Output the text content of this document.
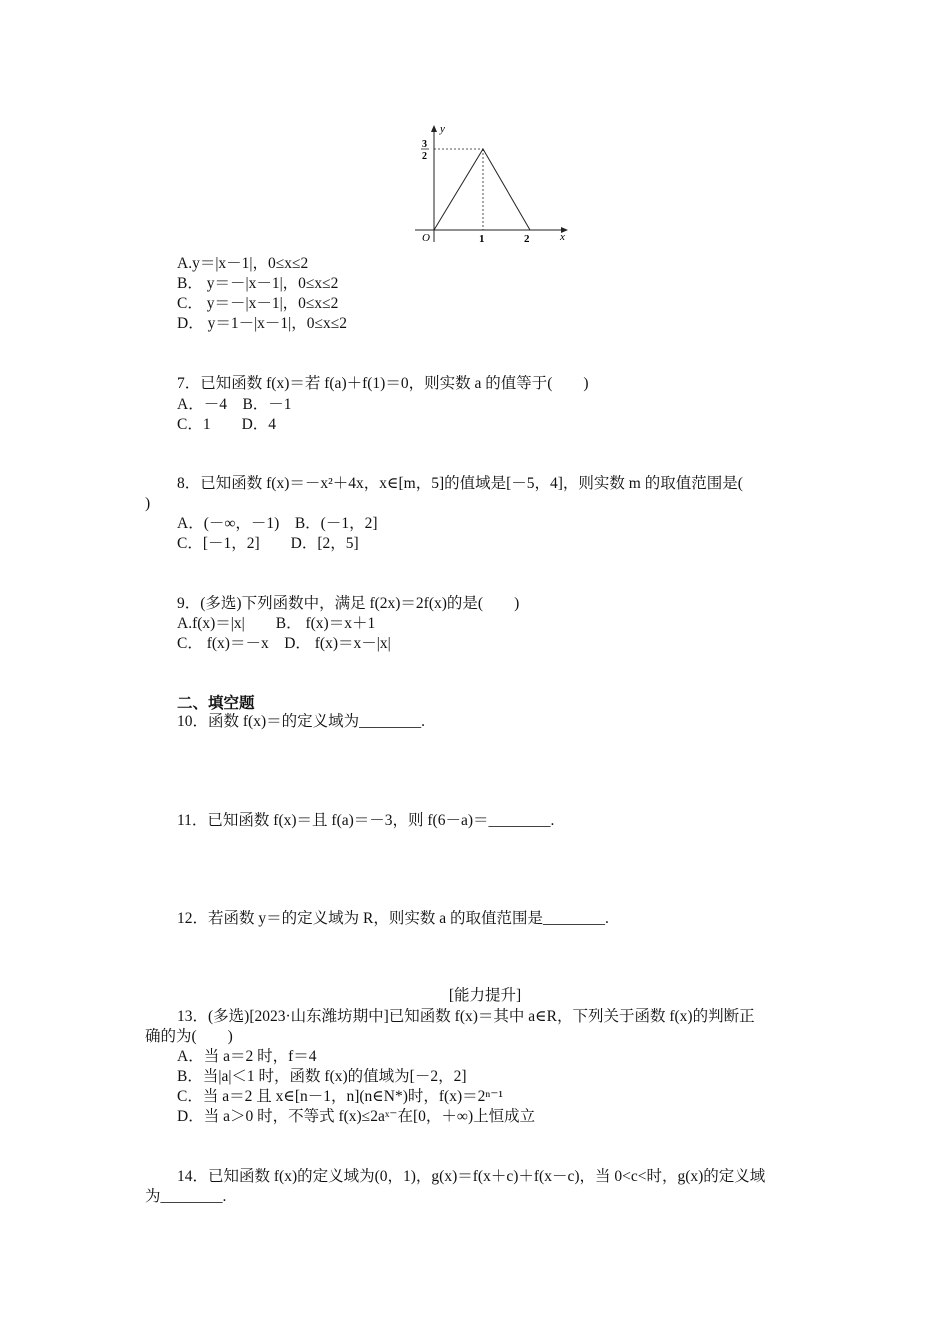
y
x
O
3
2
1	2
A.y＝|x－1|，0≤x≤2
B． y＝－|x－1|，0≤x≤2
C． y＝－|x－1|，0≤x≤2
D． y＝1－|x－1|，0≤x≤2
7．已知函数 f(x)＝若 f(a)＋f(1)＝0，则实数 a 的值等于(　　)
A．－4　B．－1
C．1　　D．4
8．已知函数 f(x)＝－x²＋4x，x∈[m，5]的值域是[－5，4]，则实数 m 的取值范围是(
)
A．(－∞，－1)　B．(－1，2]
C．[－1，2]　　D．[2，5]
9．(多选)下列函数中，满足 f(2x)＝2f(x)的是(　　)
A.f(x)＝|x|　　B． f(x)＝x＋1
C． f(x)＝－x　D． f(x)＝x－|x|
二、填空题
10．函数 f(x)＝的定义域为________.
11．已知函数 f(x)＝且 f(a)＝－3，则 f(6－a)＝________.
12．若函数 y＝的定义域为 R，则实数 a 的取值范围是________.
[能力提升]
13．(多选)[2023·山东潍坊期中]已知函数 f(x)＝其中 a∈R，下列关于函数 f(x)的判断正
确的为(　　)
A．当 a＝2 时，f＝4
B．当|a|＜1 时，函数 f(x)的值域为[－2，2]
C．当 a＝2 且 x∈[n－1，n](n∈N*)时，f(x)＝2ⁿ⁻¹
D．当 a＞0 时，不等式 f(x)≤2aˣ⁻在[0，＋∞)上恒成立
14．已知函数 f(x)的定义域为(0，1)，g(x)＝f(x＋c)＋f(x－c)，当 0<c<时，g(x)的定义域
为________.
